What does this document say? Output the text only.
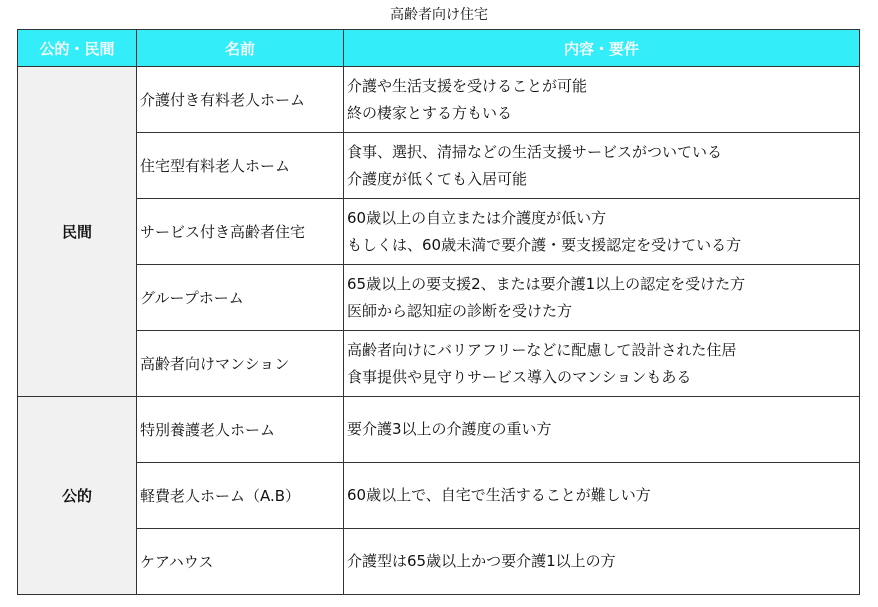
高齢者向け住宅
公的・民間	名前	内容・要件
民間	介護付き有料老人ホーム	介護や生活支援を受けることが可能
終の棲家とする方もいる

	住宅型有料老人ホーム	食事、選択、清掃などの生活支援サービスがついている
介護度が低くても入居可能

	サービス付き高齢者住宅	60歳以上の自立または介護度が低い方
もしくは、60歳未満で要介護・要支援認定を受けている方

	グループホーム	65歳以上の要支援2、または要介護1以上の認定を受けた方
医師から認知症の診断を受けた方

	高齢者向けマンション	高齢者向けにバリアフリーなどに配慮して設計された住居
食事提供や見守りサービス導入のマンションもある

公的	特別養護老人ホーム	要介護3以上の介護度の重い方

	軽費老人ホーム（A.B）	60歳以上で、自宅で生活することが難しい方

	ケアハウス	介護型は65歳以上かつ要介護1以上の方
